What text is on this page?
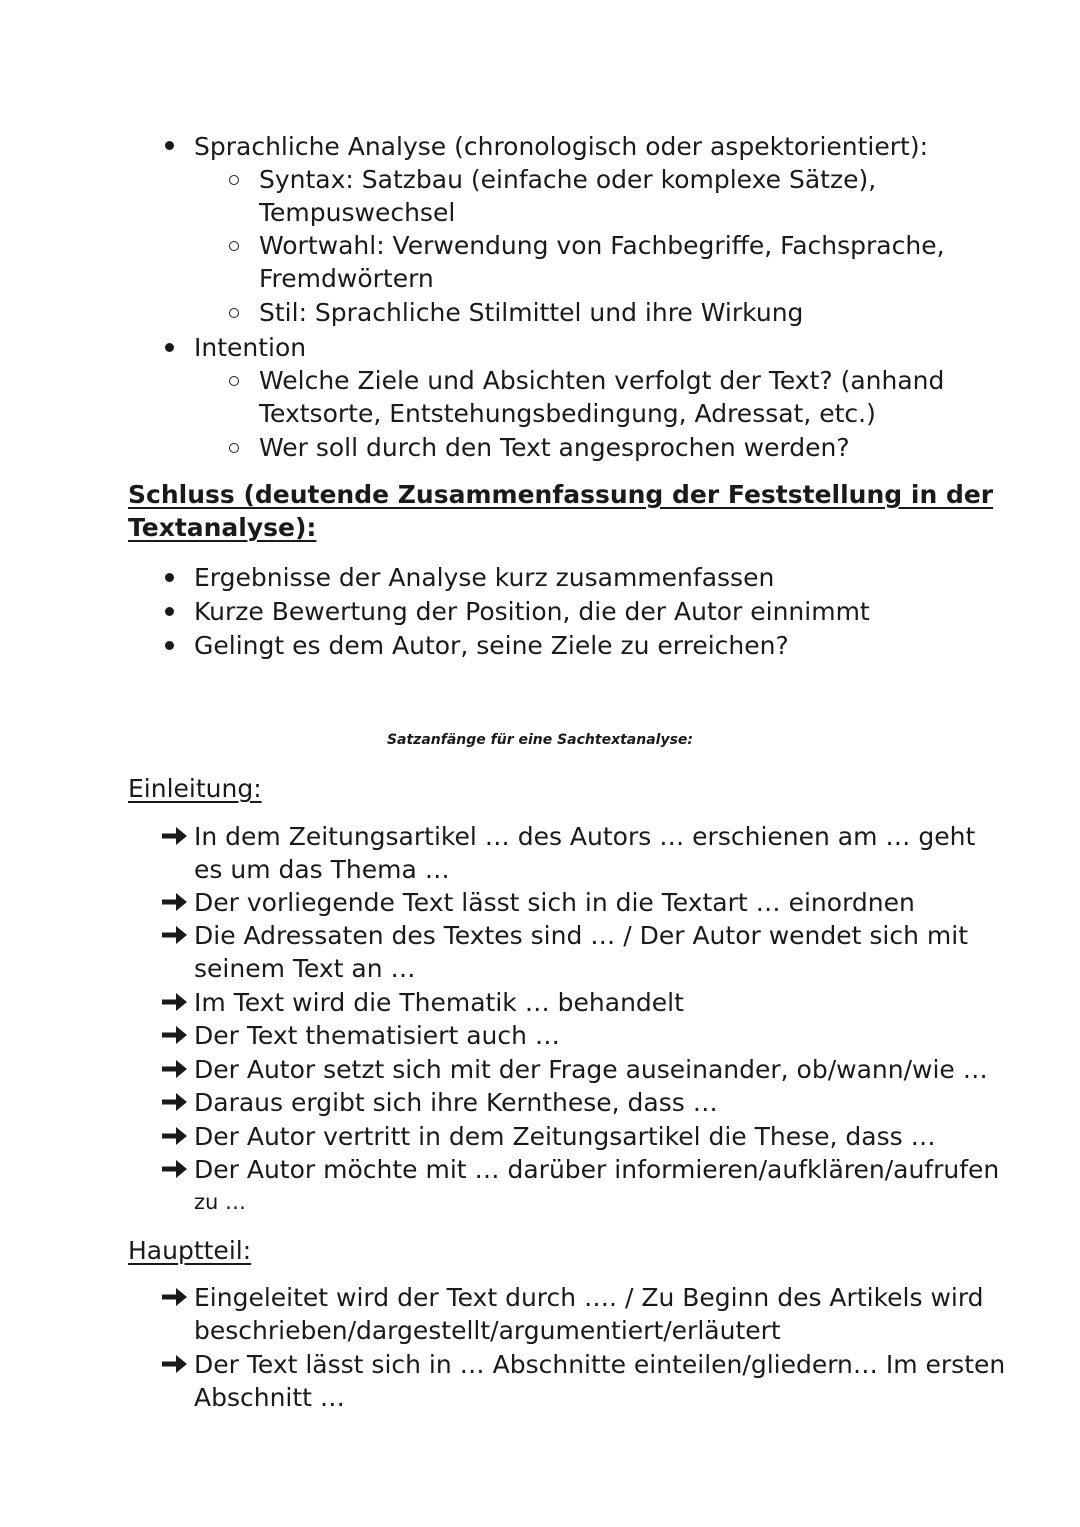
Sprachliche Analyse (chronologisch oder aspektorientiert):
Syntax: Satzbau (einfache oder komplexe Sätze),
Tempuswechsel
Wortwahl: Verwendung von Fachbegriffe, Fachsprache,
Fremdwörtern
Stil: Sprachliche Stilmittel und ihre Wirkung
Intention
Welche Ziele und Absichten verfolgt der Text? (anhand
Textsorte, Entstehungsbedingung, Adressat, etc.)
Wer soll durch den Text angesprochen werden?
Schluss (deutende Zusammenfassung der Feststellung in der
Textanalyse):
Ergebnisse der Analyse kurz zusammenfassen
Kurze Bewertung der Position, die der Autor einnimmt
Gelingt es dem Autor, seine Ziele zu erreichen?
Satzanfänge für eine Sachtextanalyse:
Einleitung:
In dem Zeitungsartikel … des Autors … erschienen am … geht
es um das Thema …
Der vorliegende Text lässt sich in die Textart … einordnen
Die Adressaten des Textes sind … / Der Autor wendet sich mit
seinem Text an …
Im Text wird die Thematik … behandelt
Der Text thematisiert auch …
Der Autor setzt sich mit der Frage auseinander, ob/wann/wie …
Daraus ergibt sich ihre Kernthese, dass …
Der Autor vertritt in dem Zeitungsartikel die These, dass …
Der Autor möchte mit … darüber informieren/aufklären/aufrufen
zu …
Hauptteil:
Eingeleitet wird der Text durch …. / Zu Beginn des Artikels wird
beschrieben/dargestellt/argumentiert/erläutert
Der Text lässt sich in … Abschnitte einteilen/gliedern… Im ersten
Abschnitt …
